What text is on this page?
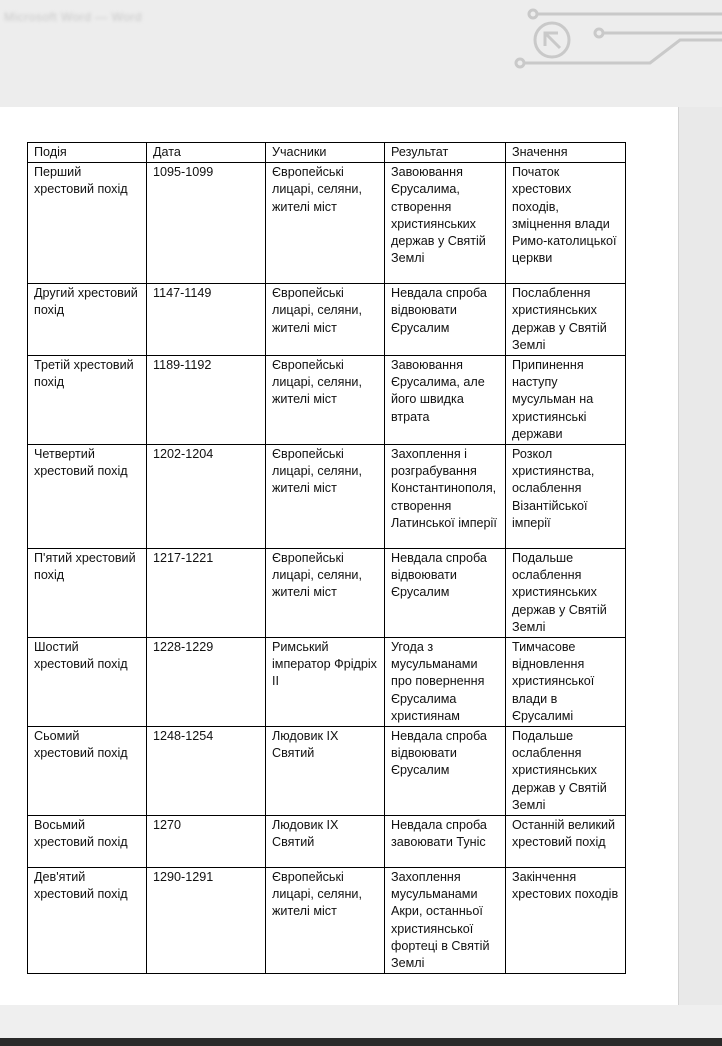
Microsoft Word — Word
Подія	Дата	Учасники	Результат	Значення
Перший хрестовий похід	1095-1099	Європейські лицарі, селяни, жителі міст	Завоювання Єрусалима, створення християнських держав у Святій Землі	Початок хрестових походів, зміцнення влади Римо-католицької церкви
Другий хрестовий похід	1147-1149	Європейські лицарі, селяни, жителі міст	Невдала спроба відвоювати Єрусалим	Послаблення християнських держав у Святій Землі
Третій хрестовий похід	1189-1192	Європейські лицарі, селяни, жителі міст	Завоювання Єрусалима, але його швидка втрата	Припинення наступу мусульман на християнські держави
Четвертий хрестовий похід	1202-1204	Європейські лицарі, селяни, жителі міст	Захоплення і розграбування Константинополя, створення Латинської імперії	Розкол християнства, ослаблення Візантійської імперії
П'ятий хрестовий похід	1217-1221	Європейські лицарі, селяни, жителі міст	Невдала спроба відвоювати Єрусалим	Подальше ослаблення християнських держав у Святій Землі
Шостий хрестовий похід	1228-1229	Римський імператор Фрідріх II	Угода з мусульманами про повернення Єрусалима християнам	Тимчасове відновлення християнської влади в Єрусалимі
Сьомий хрестовий похід	1248-1254	Людовик IX Святий	Невдала спроба відвоювати Єрусалим	Подальше ослаблення християнських держав у Святій Землі
Восьмий хрестовий похід	1270	Людовик IX Святий	Невдала спроба завоювати Туніс	Останній великий хрестовий похід
Дев'ятий хрестовий похід	1290-1291	Європейські лицарі, селяни, жителі міст	Захоплення мусульманами Акри, останньої християнської фортеці в Святій Землі	Закінчення хрестових походів
